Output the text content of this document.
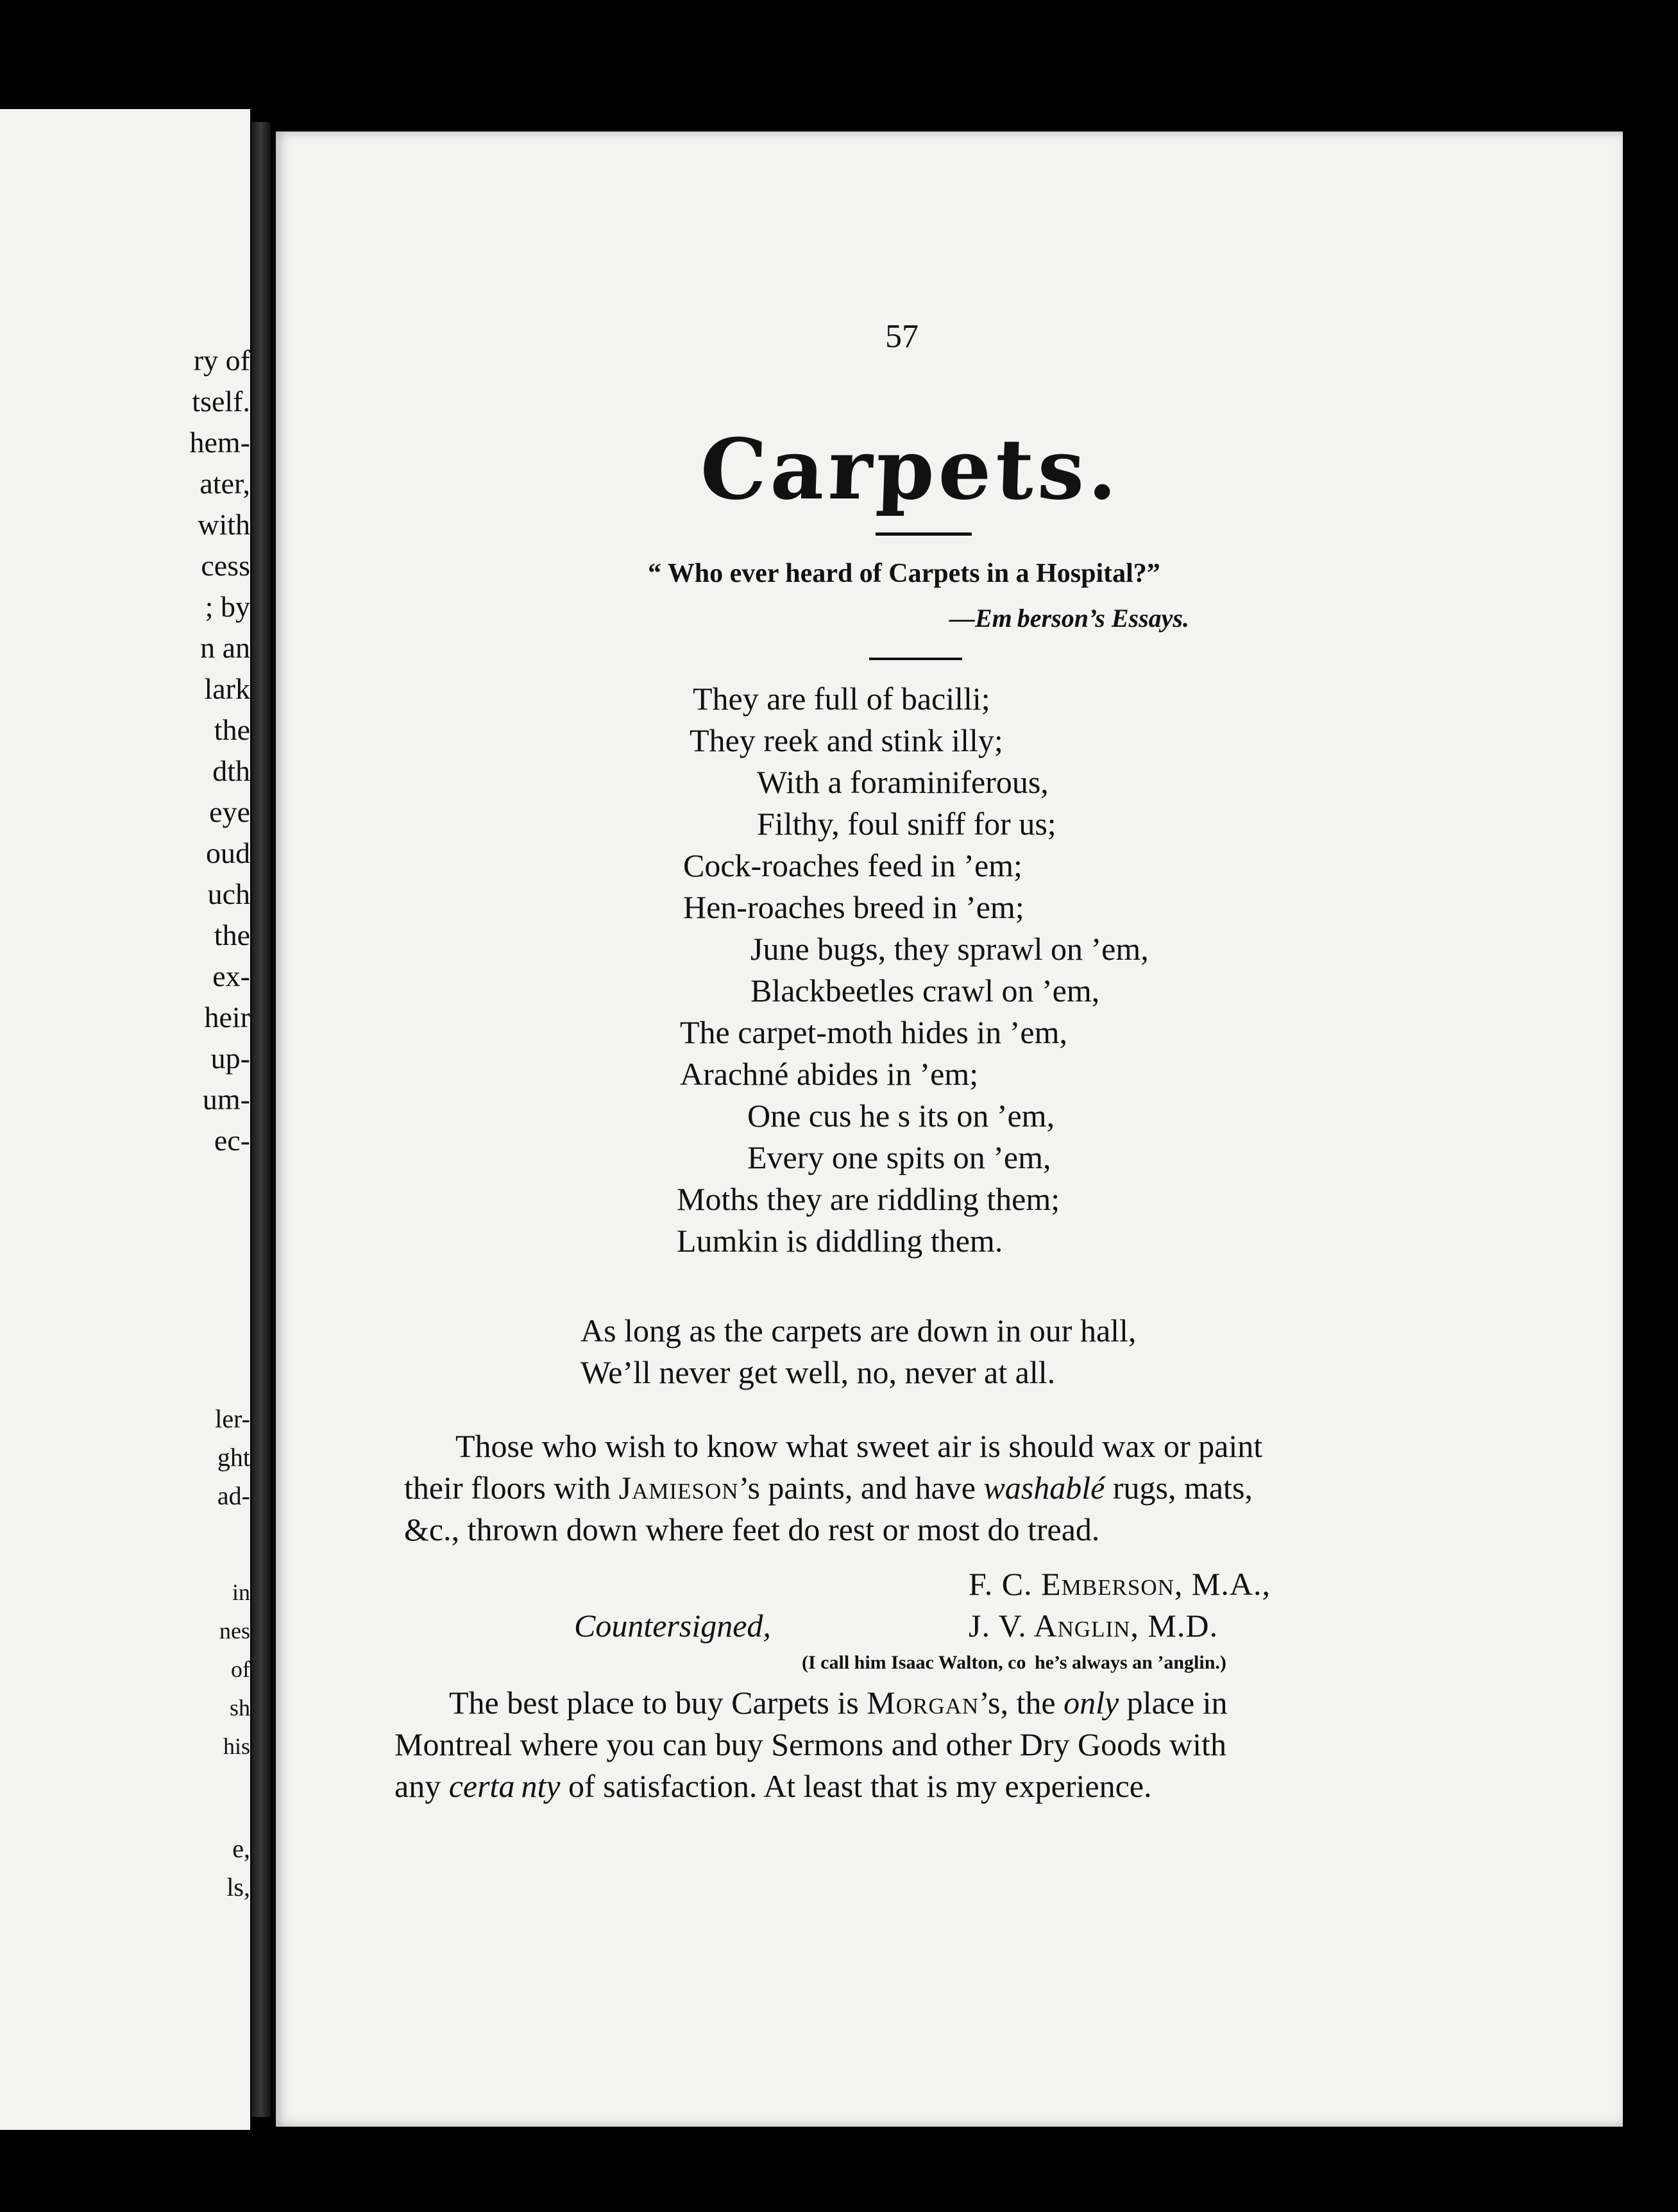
ry of
tself.
hem-
ater,
with
cess
; by
n an
lark
the
dth
eye
oud
uch
the
ex-
heir
up-
um-
ec-
ler-
ght
ad-
in
nes
of
sh
his
e,
ls,
57
Carpets.
“ Who ever heard of Carpets in a Hospital?”
—Em berson’s Essays.
They are full of bacilli;
They reek and stink illy;
With a foraminiferous,
Filthy, foul sniff for us;
Cock-roaches feed in ’em;
Hen-roaches breed in ’em;
June bugs, they sprawl on ’em,
Blackbeetles crawl on ’em,
The carpet-moth hides in ’em,
Arachné abides in ’em;
One cus he s its on ’em,
Every one spits on ’em,
Moths they are riddling them;
Lumkin is diddling them.
As long as the carpets are down in our hall,
We’ll never get well, no, never at all.
Those who wish to know what sweet air is should wax or paint
their floors with Jamieson’s paints, and have washablé rugs, mats,
&c., thrown down where feet do rest or most do tread.
F. C. Emberson, M.A.,
Countersigned,	J. V. Anglin, M.D.
(I call him Isaac Walton, co  he’s always an ’anglin.)
The best place to buy Carpets is Morgan’s, the only place in
Montreal where you can buy Sermons and other Dry Goods with
any certa nty of satisfaction. At least that is my experience.
